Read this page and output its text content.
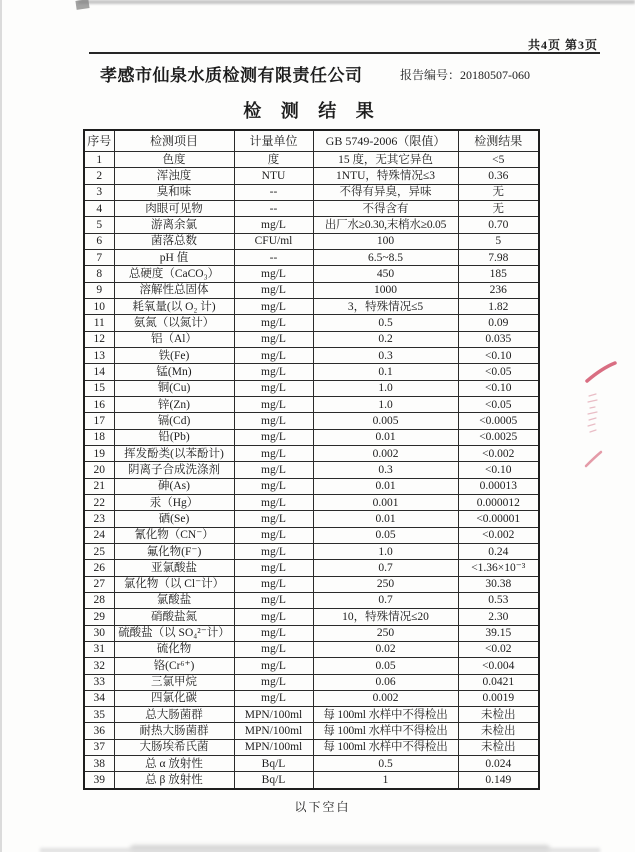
共4页 第3页
孝感市仙泉水质检测有限责任公司	报告编号：20180507-060
检 测 结 果
序号	检测项目	计量单位	GB 5749-2006（限值）	检测结果
1	色度	度	15 度，无其它异色	<5
2	浑浊度	NTU	1NTU，特殊情况≤3	0.36
3	臭和味	--	不得有异臭，异味	无
4	肉眼可见物	--	不得含有	无
5	游离余氯	mg/L	出厂水≥0.30,末梢水≥0.05	0.70
6	菌落总数	CFU/ml	100	5
7	pH 值	--	6.5~8.5	7.98
8	总硬度（CaCO₃）	mg/L	450	185
9	溶解性总固体	mg/L	1000	236
10	耗氧量(以 O₂ 计)	mg/L	3，特殊情况≤5	1.82
11	氨氮（以氮计）	mg/L	0.5	0.09
12	铝（Al）	mg/L	0.2	0.035
13	铁(Fe)	mg/L	0.3	<0.10
14	锰(Mn)	mg/L	0.1	<0.05
15	铜(Cu)	mg/L	1.0	<0.10
16	锌(Zn)	mg/L	1.0	<0.05
17	镉(Cd)	mg/L	0.005	<0.0005
18	铅(Pb)	mg/L	0.01	<0.0025
19	挥发酚类(以苯酚计)	mg/L	0.002	<0.002
20	阴离子合成洗涤剂	mg/L	0.3	<0.10
21	砷(As)	mg/L	0.01	0.00013
22	汞（Hg）	mg/L	0.001	0.000012
23	硒(Se)	mg/L	0.01	<0.00001
24	氰化物（CN⁻）	mg/L	0.05	<0.002
25	氟化物(F⁻)	mg/L	1.0	0.24
26	亚氯酸盐	mg/L	0.7	<1.36×10⁻³
27	氯化物（以 Cl⁻计）	mg/L	250	30.38
28	氯酸盐	mg/L	0.7	0.53
29	硝酸盐氮	mg/L	10，特殊情况≤20	2.30
30	硫酸盐（以 SO₄²⁻计）	mg/L	250	39.15
31	硫化物	mg/L	0.02	<0.02
32	铬(Cr⁶⁺)	mg/L	0.05	<0.004
33	三氯甲烷	mg/L	0.06	0.0421
34	四氯化碳	mg/L	0.002	0.0019
35	总大肠菌群	MPN/100ml	每 100ml 水样中不得检出	未检出
36	耐热大肠菌群	MPN/100ml	每 100ml 水样中不得检出	未检出
37	大肠埃希氏菌	MPN/100ml	每 100ml 水样中不得检出	未检出
38	总 α 放射性	Bq/L	0.5	0.024
39	总 β 放射性	Bq/L	1	0.149
以下空白
